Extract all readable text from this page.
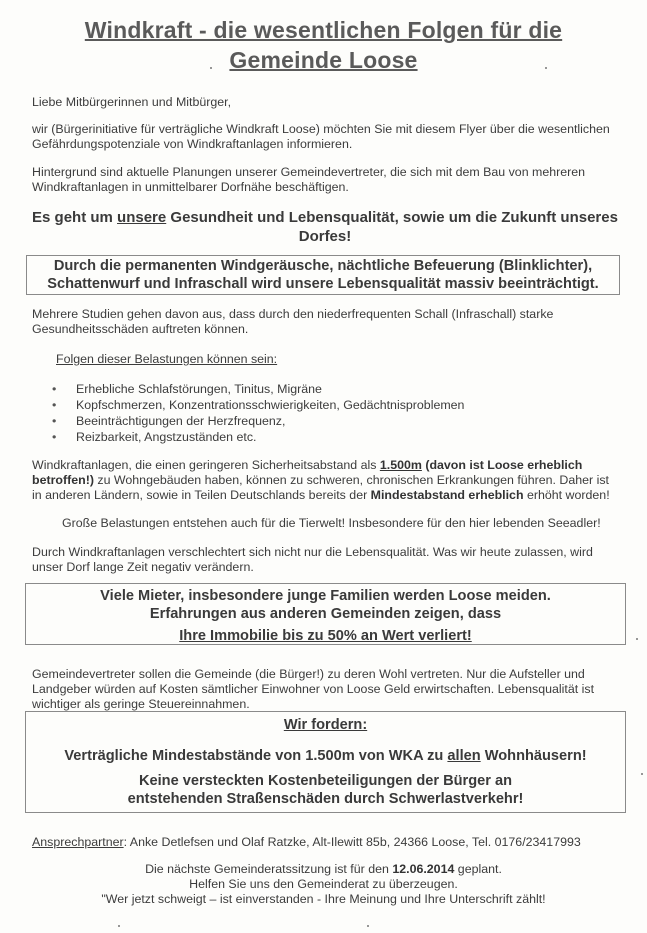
Windkraft - die wesentlichen Folgen für die
Gemeinde Loose
Liebe Mitbürgerinnen und Mitbürger,
wir (Bürgerinitiative für verträgliche Windkraft Loose) möchten Sie mit diesem Flyer über die wesentlichen Gefährdungspotenziale von Windkraftanlagen informieren.
Hintergrund sind aktuelle Planungen unserer Gemeindevertreter, die sich mit dem Bau von mehreren Windkraftanlagen in unmittelbarer Dorfnähe beschäftigen.
Es geht um unsere Gesundheit und Lebensqualität, sowie um die Zukunft unseres Dorfes!
Durch die permanenten Windgeräusche, nächtliche Befeuerung (Blinklichter), Schattenwurf und Infraschall wird unsere Lebensqualität massiv beeinträchtigt.
Mehrere Studien gehen davon aus, dass durch den niederfrequenten Schall (Infraschall) starke Gesundheitsschäden auftreten können.
Folgen dieser Belastungen können sein:
• Erhebliche Schlafstörungen, Tinitus, Migräne
• Kopfschmerzen, Konzentrationsschwierigkeiten, Gedächtnisproblemen
• Beeinträchtigungen der Herzfrequenz,
• Reizbarkeit, Angstzuständen etc.
Windkraftanlagen, die einen geringeren Sicherheitsabstand als 1.500m (davon ist Loose erheblich betroffen!) zu Wohngebäuden haben, können zu schweren, chronischen Erkrankungen führen. Daher ist in anderen Ländern, sowie in Teilen Deutschlands bereits der Mindestabstand erheblich erhöht worden!
Große Belastungen entstehen auch für die Tierwelt! Insbesondere für den hier lebenden Seeadler!
Durch Windkraftanlagen verschlechtert sich nicht nur die Lebensqualität. Was wir heute zulassen, wird unser Dorf lange Zeit negativ verändern.
Viele Mieter, insbesondere junge Familien werden Loose meiden.
Erfahrungen aus anderen Gemeinden zeigen, dass
Ihre Immobilie bis zu 50% an Wert verliert!
Gemeindevertreter sollen die Gemeinde (die Bürger!) zu deren Wohl vertreten. Nur die Aufsteller und Landgeber würden auf Kosten sämtlicher Einwohner von Loose Geld erwirtschaften. Lebensqualität ist wichtiger als geringe Steuereinnahmen.
Wir fordern:
Verträgliche Mindestabstände von 1.500m von WKA zu allen Wohnhäusern!
Keine versteckten Kostenbeteiligungen der Bürger an entstehenden Straßenschäden durch Schwerlastverkehr!
Ansprechpartner: Anke Detlefsen und Olaf Ratzke, Alt-Ilewitt 85b, 24366 Loose, Tel. 0176/23417993
Die nächste Gemeinderatssitzung ist für den 12.06.2014 geplant.
Helfen Sie uns den Gemeinderat zu überzeugen.
"Wer jetzt schweigt – ist einverstanden - Ihre Meinung und Ihre Unterschrift zählt!
